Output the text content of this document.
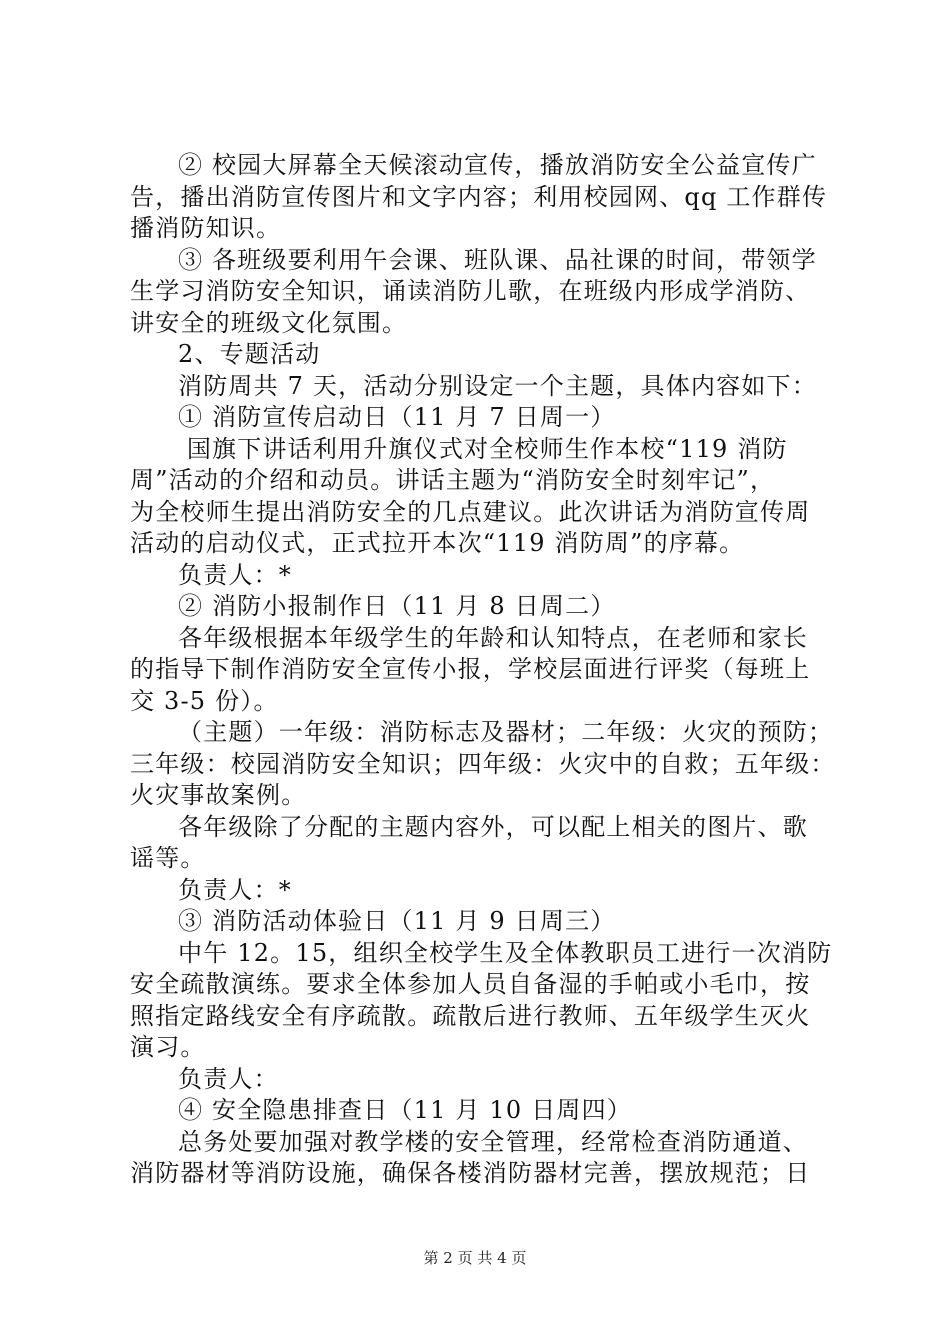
② 校园大屏幕全天候滚动宣传，播放消防安全公益宣传广
告，播出消防宣传图片和文字内容；利用校园网、qq 工作群传
播消防知识。
③ 各班级要利用午会课、班队课、品社课的时间，带领学
生学习消防安全知识，诵读消防儿歌，在班级内形成学消防、
讲安全的班级文化氛围。
2、专题活动
消防周共 7 天，活动分别设定一个主题，具体内容如下：
① 消防宣传启动日（11 月 7 日周一）
国旗下讲话利用升旗仪式对全校师生作本校“119 消防
周”活动的介绍和动员。讲话主题为“消防安全时刻牢记”，
为全校师生提出消防安全的几点建议。此次讲话为消防宣传周
活动的启动仪式，正式拉开本次“119 消防周”的序幕。
负责人：*
② 消防小报制作日（11 月 8 日周二）
各年级根据本年级学生的年龄和认知特点，在老师和家长
的指导下制作消防安全宣传小报，学校层面进行评奖（每班上
交 3-5 份）。
（主题）一年级：消防标志及器材；二年级：火灾的预防；
三年级：校园消防安全知识；四年级：火灾中的自救；五年级：
火灾事故案例。
各年级除了分配的主题内容外，可以配上相关的图片、歌
谣等。
负责人：*
③ 消防活动体验日（11 月 9 日周三）
中午 12。15，组织全校学生及全体教职员工进行一次消防
安全疏散演练。要求全体参加人员自备湿的手帕或小毛巾，按
照指定路线安全有序疏散。疏散后进行教师、五年级学生灭火
演习。
负责人：
④ 安全隐患排查日（11 月 10 日周四）
总务处要加强对教学楼的安全管理，经常检查消防通道、
消防器材等消防设施，确保各楼消防器材完善，摆放规范；日
第 2 页 共 4 页
